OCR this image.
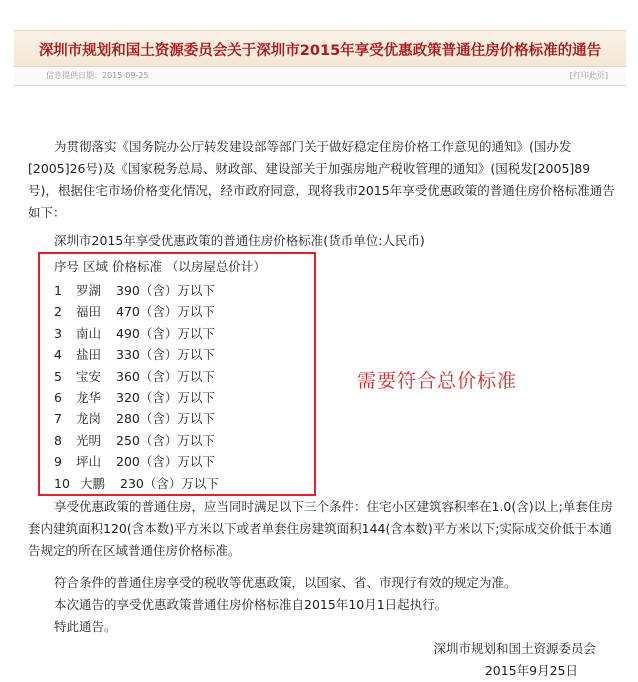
深圳市规划和国土资源委员会关于深圳市2015年享受优惠政策普通住房价格标准的通告
信息提供日期：2015-09-25	[打印此页]
为贯彻落实《国务院办公厅转发建设部等部门关于做好稳定住房价格工作意见的通知》(国办发[2005]26号)及《国家税务总局、财政部、建设部关于加强房地产税收管理的通知》(国税发[2005]89号)，根据住宅市场价格变化情况，经市政府同意，现将我市2015年享受优惠政策的普通住房价格标准通告如下：
深圳市2015年享受优惠政策的普通住房价格标准(货币单位:人民币)
序号 区域 价格标准 （以房屋总价计）
1 罗湖 390（含）万以下
2 福田 470（含）万以下
3 南山 490（含）万以下
4 盐田 330（含）万以下
5 宝安 360（含）万以下
6 龙华 320（含）万以下
7 龙岗 280（含）万以下
8 光明 250（含）万以下
9 坪山 200（含）万以下
10 大鹏 230（含）万以下
需要符合总价标准
享受优惠政策的普通住房，应当同时满足以下三个条件：住宅小区建筑容积率在1.0(含)以上;单套住房套内建筑面积120(含本数)平方米以下或者单套住房建筑面积144(含本数)平方米以下;实际成交价低于本通告规定的所在区域普通住房价格标准。
符合条件的普通住房享受的税收等优惠政策，以国家、省、市现行有效的规定为准。
本次通告的享受优惠政策普通住房价格标准自2015年10月1日起执行。
特此通告。
深圳市规划和国土资源委员会
2015年9月25日
